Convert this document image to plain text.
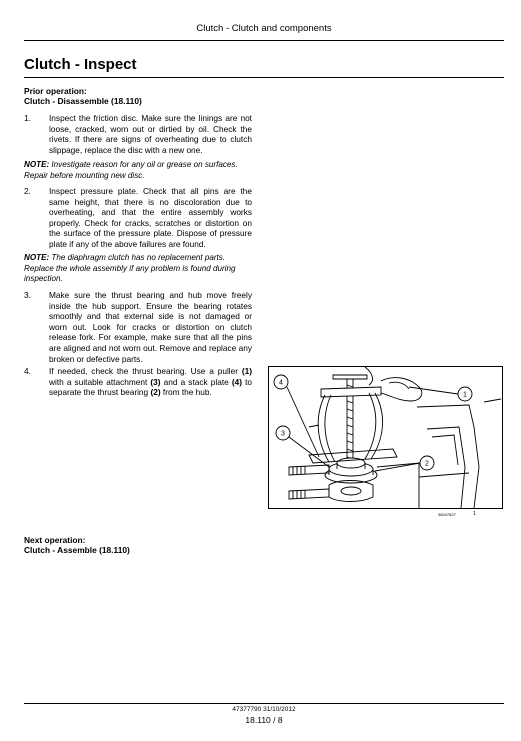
Clutch - Clutch and components
Clutch - Inspect
Prior operation:
Clutch - Disassemble (18.110)
1. Inspect the friction disc. Make sure the linings are not loose, cracked, worn out or dirtied by oil. Check the rivets. If there are signs of overheating due to clutch slippage, replace the disc with a new one.
NOTE: Investigate reason for any oil or grease on surfaces. Repair before mounting new disc.
2. Inspect pressure plate. Check that all pins are the same height, that there is no discoloration due to overheating, and that the entire assembly works properly. Check for cracks, scratches or distortion on the surface of the pressure plate. Dispose of pressure plate if any of the above failures are found.
NOTE: The diaphragm clutch has no replacement parts. Replace the whole assembly if any problem is found during inspection.
3. Make sure the thrust bearing and hub move freely inside the hub support. Ensure the bearing rotates smoothly and that external side is not damaged or worn out. Look for cracks or distortion on clutch release fork. For example, make sure that all the pins are aligned and not worn out. Remove and replace any broken or defective parts.
4. If needed, check the thrust bearing. Use a puller (1) with a suitable attachment (3) and a stack plate (4) to separate the thrust bearing (2) from the hub.
4
1
2
3
36047627	1
Next operation:
Clutch - Assemble (18.110)
47377790 31/10/2012
18.110 / 8
